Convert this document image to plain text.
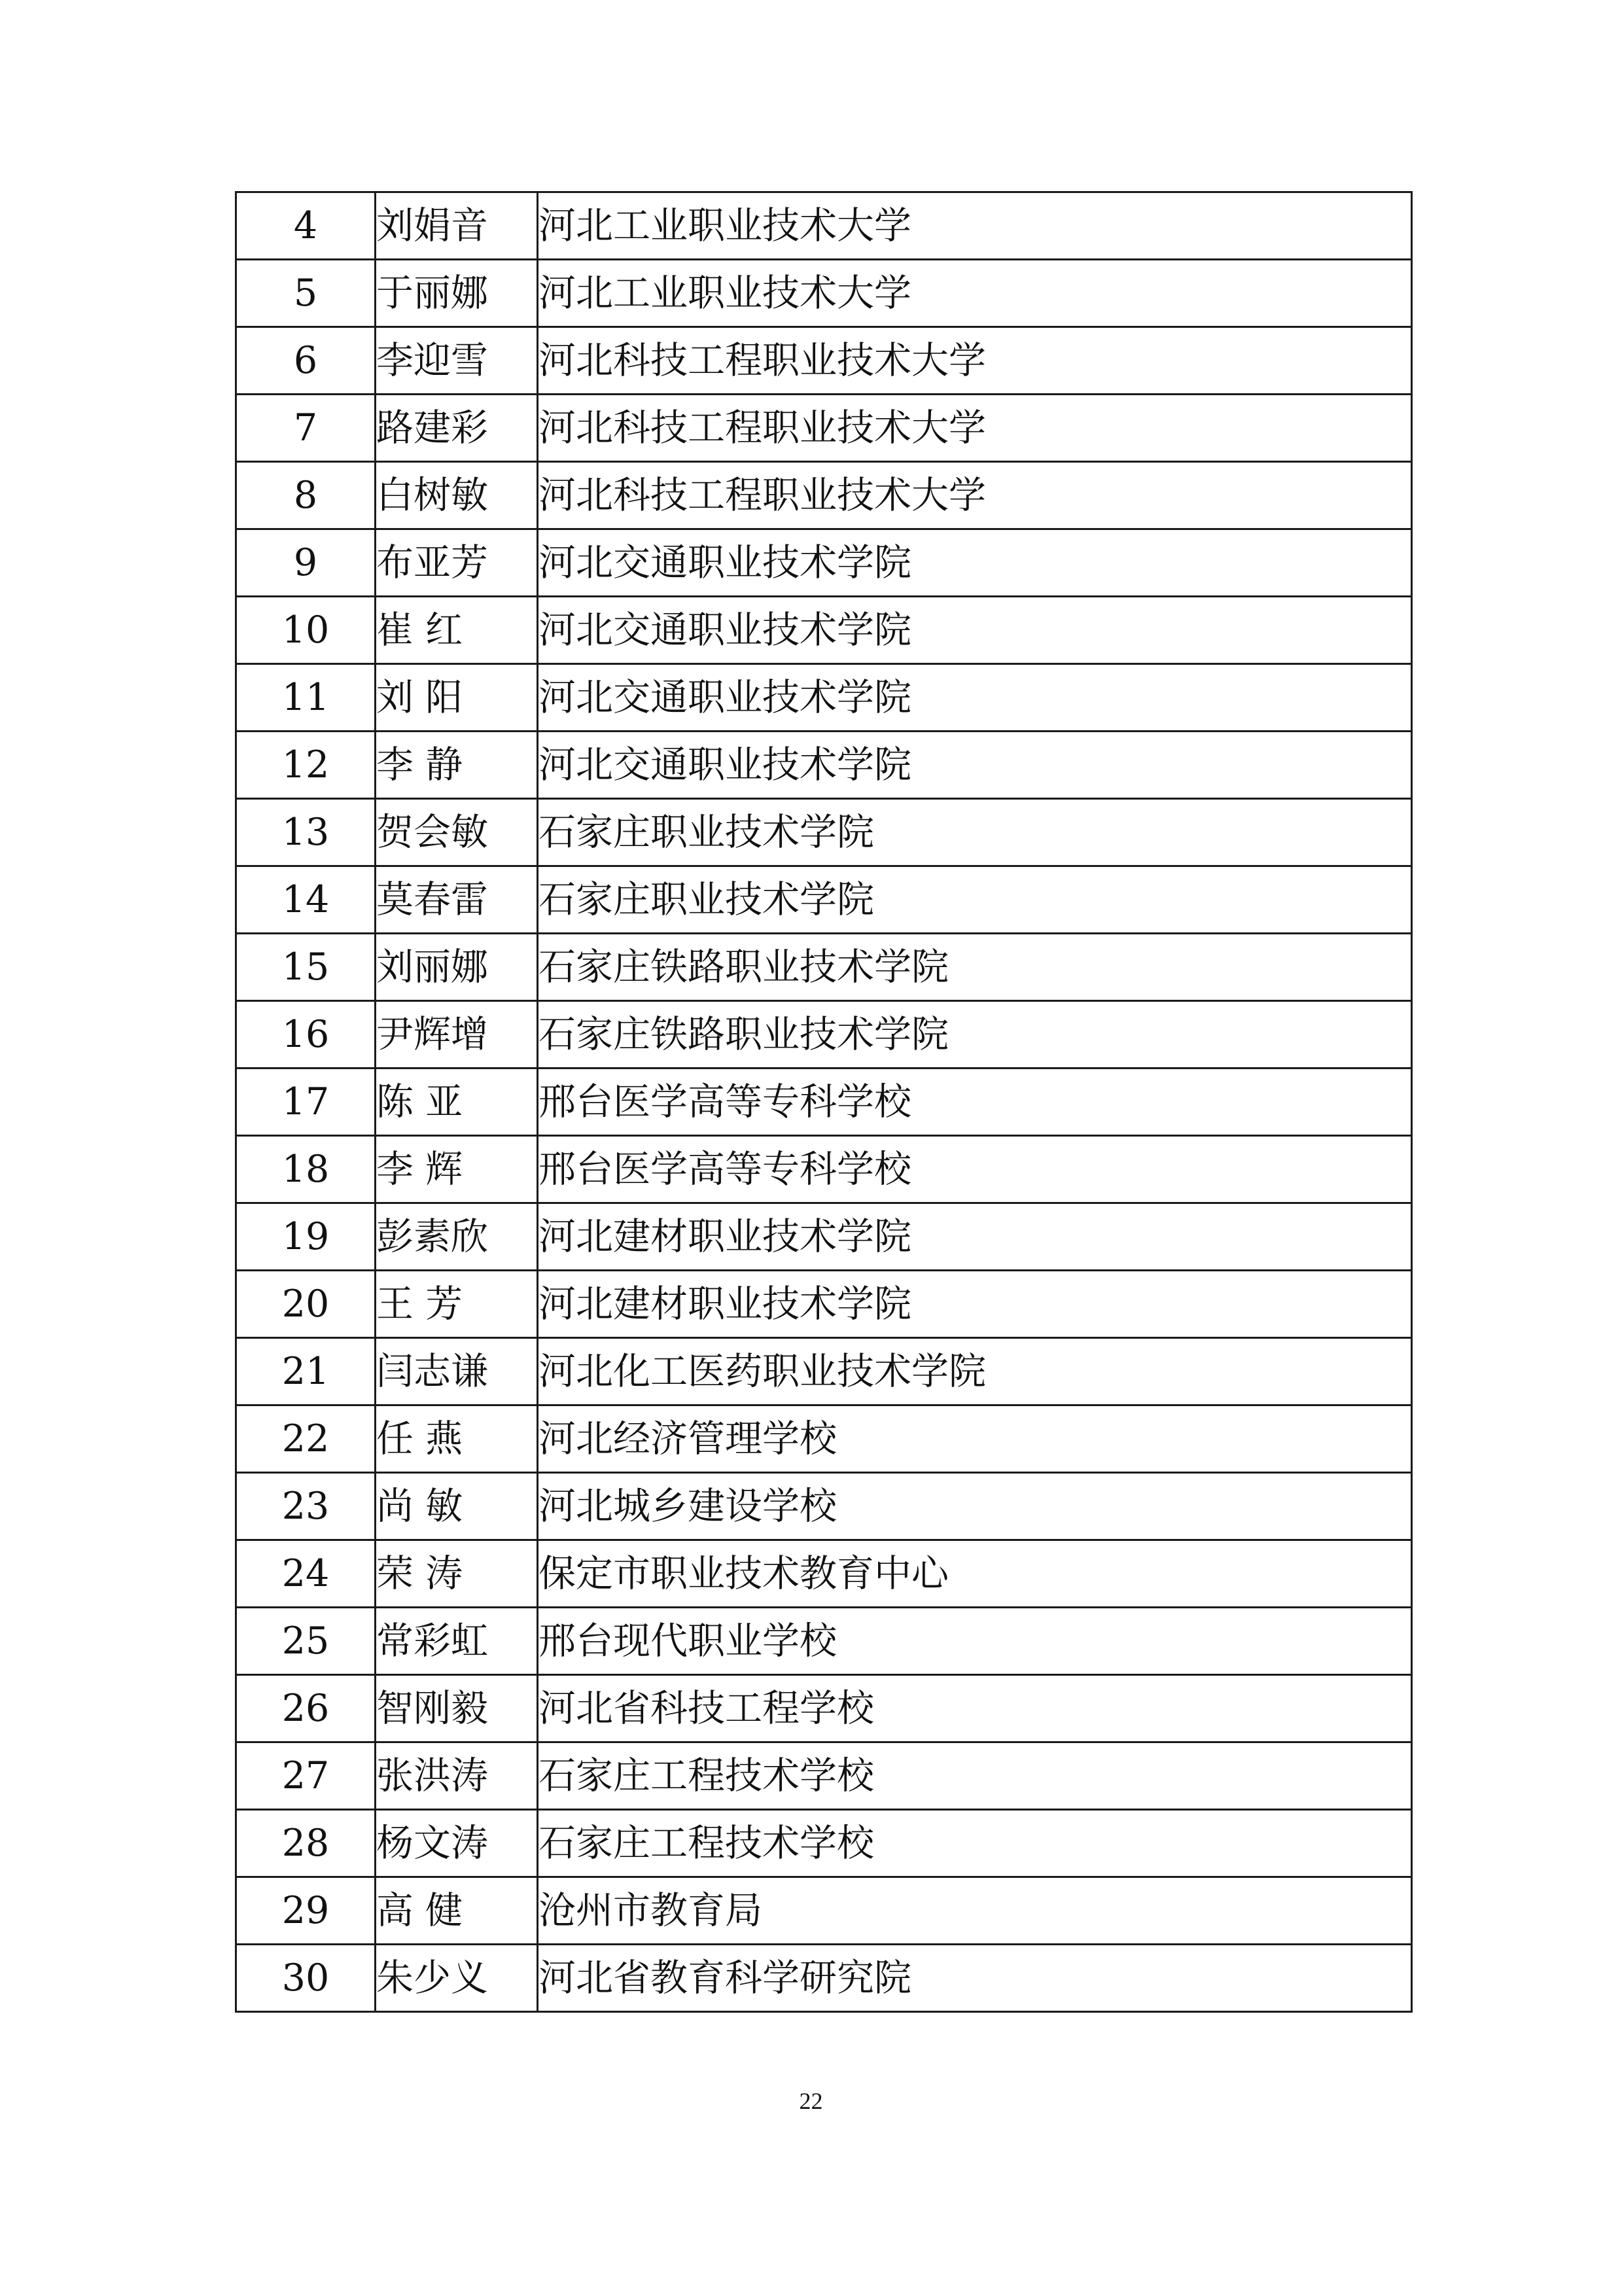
4	刘娟音	河北工业职业技术大学
5	于丽娜	河北工业职业技术大学
6	李迎雪	河北科技工程职业技术大学
7	路建彩	河北科技工程职业技术大学
8	白树敏	河北科技工程职业技术大学
9	布亚芳	河北交通职业技术学院
10	崔 红	河北交通职业技术学院
11	刘 阳	河北交通职业技术学院
12	李 静	河北交通职业技术学院
13	贺会敏	石家庄职业技术学院
14	莫春雷	石家庄职业技术学院
15	刘丽娜	石家庄铁路职业技术学院
16	尹辉增	石家庄铁路职业技术学院
17	陈 亚	邢台医学高等专科学校
18	李 辉	邢台医学高等专科学校
19	彭素欣	河北建材职业技术学院
20	王 芳	河北建材职业技术学院
21	闫志谦	河北化工医药职业技术学院
22	任 燕	河北经济管理学校
23	尚 敏	河北城乡建设学校
24	荣 涛	保定市职业技术教育中心
25	常彩虹	邢台现代职业学校
26	智刚毅	河北省科技工程学校
27	张洪涛	石家庄工程技术学校
28	杨文涛	石家庄工程技术学校
29	高 健	沧州市教育局
30	朱少义	河北省教育科学研究院
22
